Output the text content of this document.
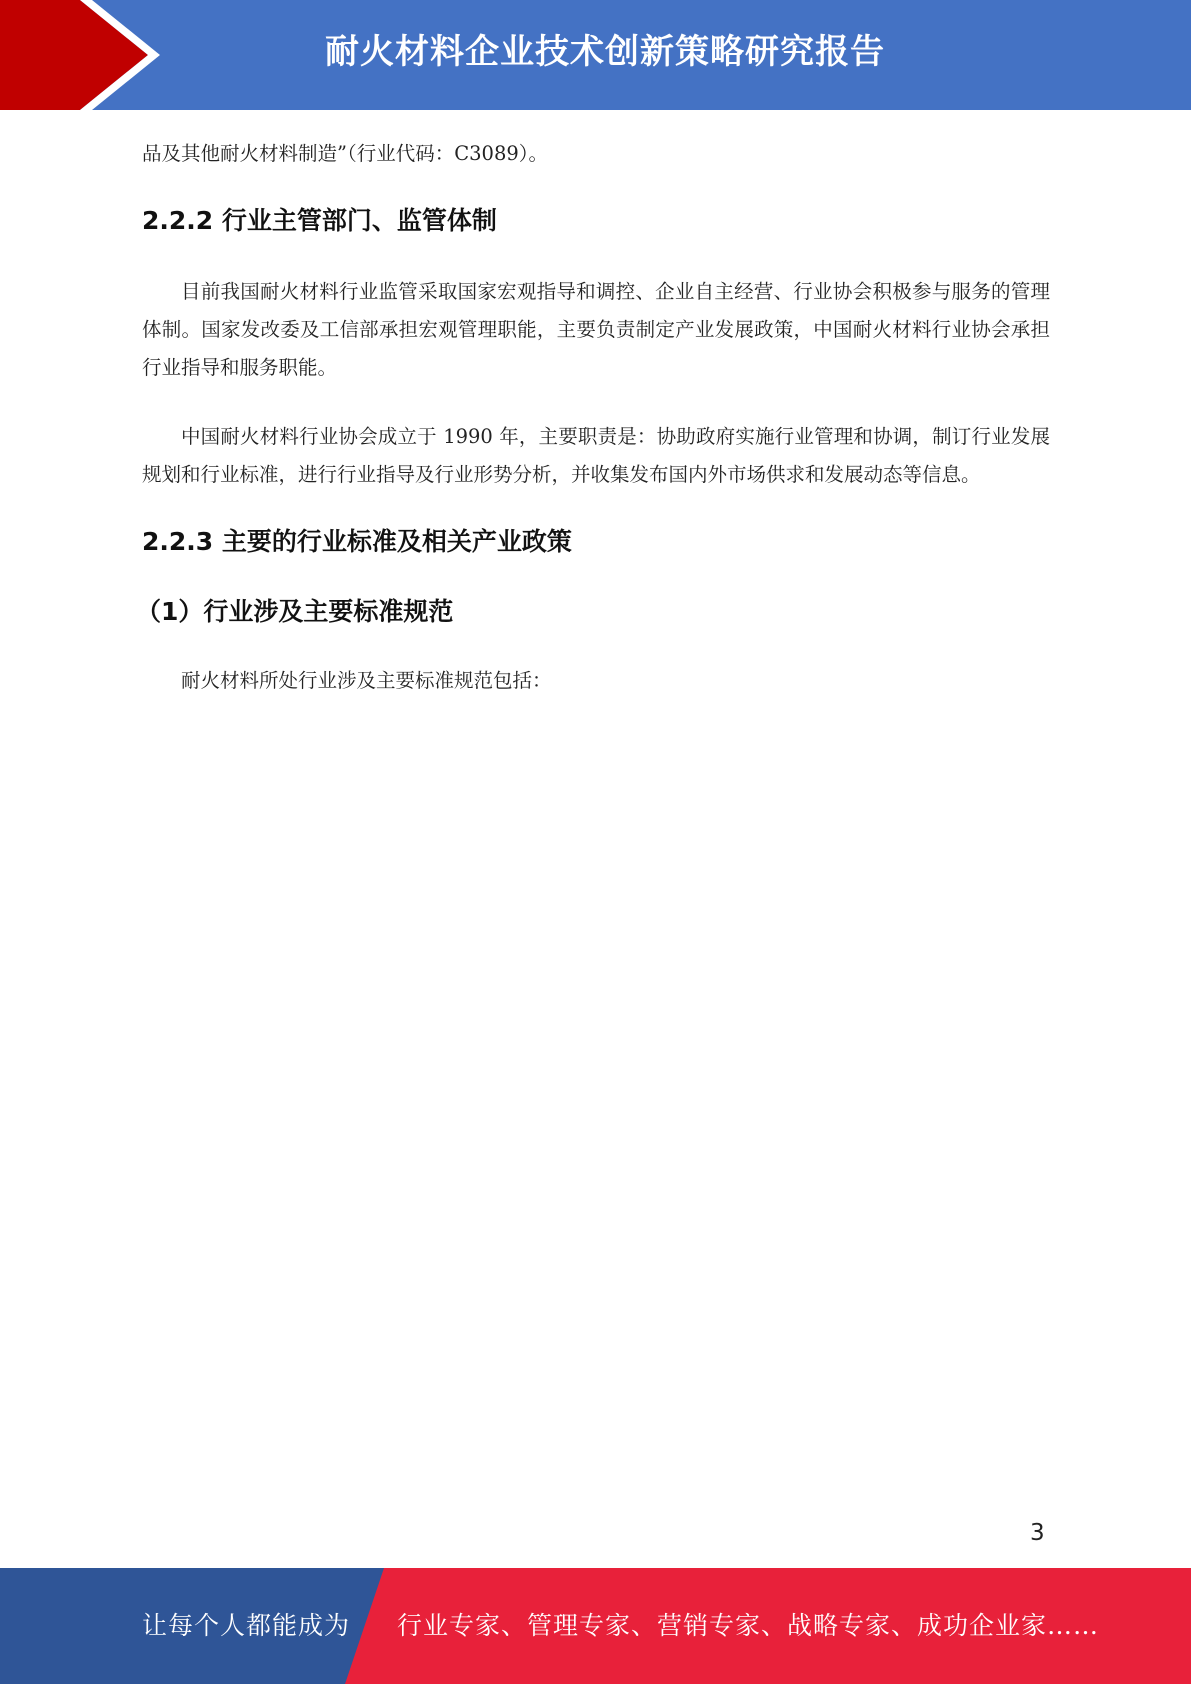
耐火材料企业技术创新策略研究报告

品及其他耐火材料制造”（行业代码：C3089）。

2.2.2 行业主管部门、监管体制

目前我国耐火材料行业监管采取国家宏观指导和调控、企业自主经营、行业协会积极参与服务的管理体制。国家发改委及工信部承担宏观管理职能，主要负责制定产业发展政策，中国耐火材料行业协会承担行业指导和服务职能。

中国耐火材料行业协会成立于 1990 年，主要职责是：协助政府实施行业管理和协调，制订行业发展规划和行业标准，进行行业指导及行业形势分析，并收集发布国内外市场供求和发展动态等信息。

2.2.3 主要的行业标准及相关产业政策
（1）行业涉及主要标准规范

耐火材料所处行业涉及主要标准规范包括：

3
让每个人都能成为 行业专家、管理专家、营销专家、战略专家、成功企业家……
